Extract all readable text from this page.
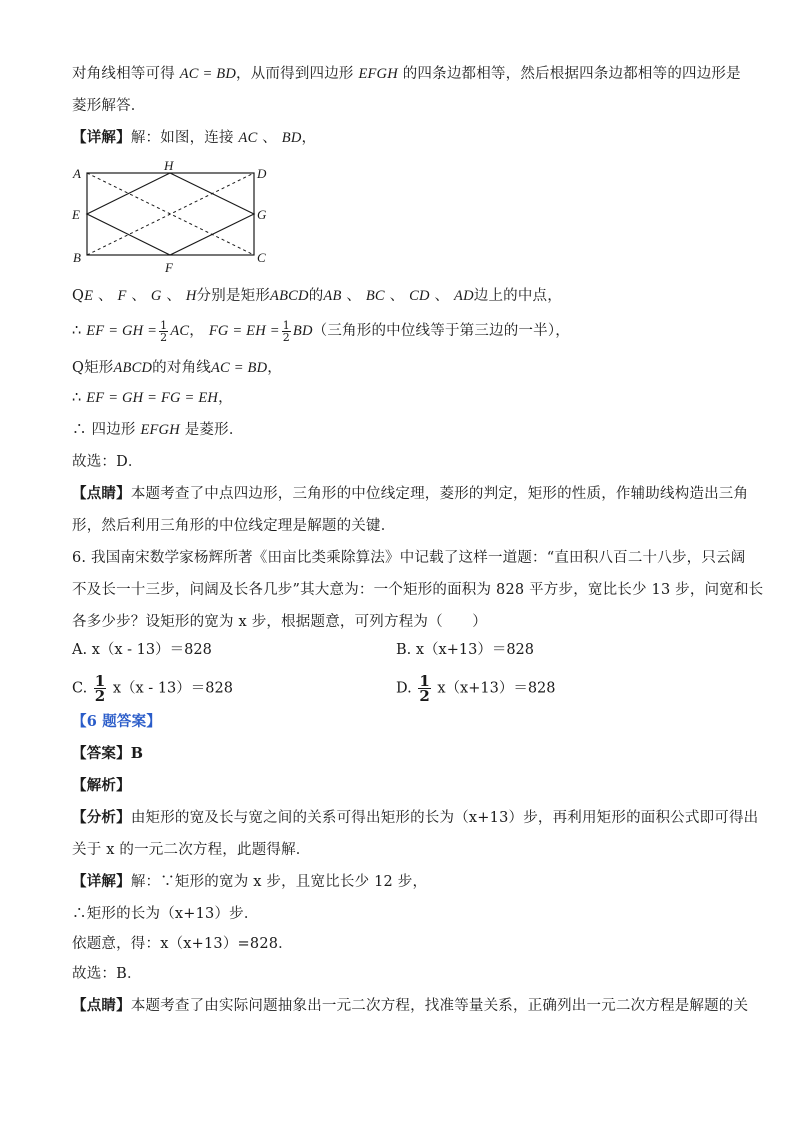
对角线相等可得 AC = BD，从而得到四边形 EFGH 的四条边都相等，然后根据四条边都相等的四边形是
菱形解答．
【详解】解：如图，连接 AC 、 BD，
A
H
D
E	G
B
F
C
QE 、 F 、 G 、 H分别是矩形ABCD的AB 、 BC 、 CD 、 AD边上的中点，
∴ EF = GH = $\frac{1}{2}$ AC， FG = EH = $\frac{1}{2} BD$（三角形的中位线等于第三边的一半），
Q矩形ABCD的对角线AC = BD，
∴ EF = GH = FG = EH，
∴ 四边形 EFGH 是菱形．
故选：D．
【点睛】本题考查了中点四边形，三角形的中位线定理，菱形的判定，矩形的性质，作辅助线构造出三角
形，然后利用三角形的中位线定理是解题的关键．
6. 我国南宋数学家杨辉所著《田亩比类乘除算法》中记载了这样一道题：“直田积八百二十八步，只云阔
不及长一十三步，问阔及长各几步”其大意为：一个矩形的面积为 828 平方步，宽比长少 13 步，问宽和长
各多少步？设矩形的宽为 x 步，根据题意，可列方程为（　　）
A. x（x - 13）＝828	B. x（x+13）＝828
C. $\frac{1}{2} x(x - 13)=828$	D. $\frac{1}{2} x(x+13)=828$
【6 题答案】
【答案】B
【解析】
【分析】由矩形的宽及长与宽之间的关系可得出矩形的长为（x+13）步，再利用矩形的面积公式即可得出
关于 x 的一元二次方程，此题得解．
【详解】解：∵矩形的宽为 x 步，且宽比长少 12 步，
∴矩形的长为（x+13）步．
依题意，得：x（x+13）=828．
故选：B．
【点睛】本题考查了由实际问题抽象出一元二次方程，找准等量关系，正确列出一元二次方程是解题的关
